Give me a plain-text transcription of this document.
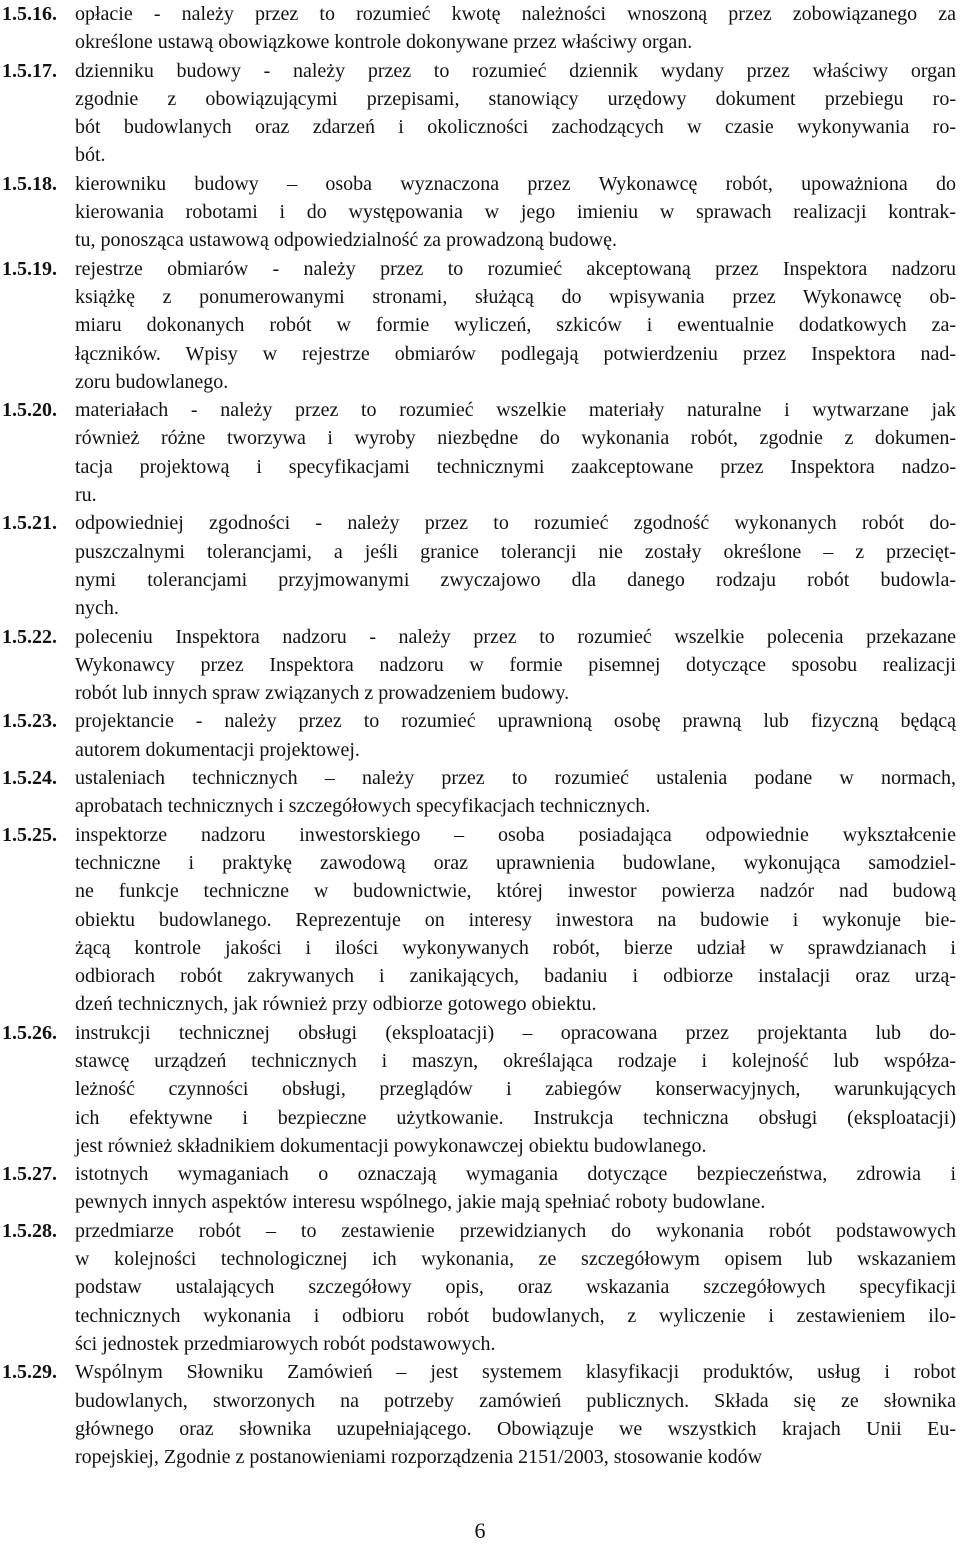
1.5.16. opłacie - należy przez to rozumieć kwotę należności wnoszoną przez zobowiązanego za
określone ustawą obowiązkowe kontrole dokonywane przez właściwy organ.
1.5.17. dzienniku budowy - należy przez to rozumieć dziennik wydany przez właściwy organ
zgodnie z obowiązującymi przepisami, stanowiący urzędowy dokument przebiegu ro-
bót budowlanych oraz zdarzeń i okoliczności zachodzących w czasie wykonywania ro-
bót.
1.5.18. kierowniku budowy – osoba wyznaczona przez Wykonawcę robót, upoważniona do
kierowania robotami i do występowania w jego imieniu w sprawach realizacji kontrak-
tu, ponosząca ustawową odpowiedzialność za prowadzoną budowę.
1.5.19. rejestrze obmiarów - należy przez to rozumieć akceptowaną przez Inspektora nadzoru
książkę z ponumerowanymi stronami, służącą do wpisywania przez Wykonawcę ob-
miaru dokonanych robót w formie wyliczeń, szkiców i ewentualnie dodatkowych za-
łączników. Wpisy w rejestrze obmiarów podlegają potwierdzeniu przez Inspektora nad-
zoru budowlanego.
1.5.20. materiałach - należy przez to rozumieć wszelkie materiały naturalne i wytwarzane jak
również różne tworzywa i wyroby niezbędne do wykonania robót, zgodnie z dokumen-
tacja projektową i specyfikacjami technicznymi zaakceptowane przez Inspektora nadzo-
ru.
1.5.21. odpowiedniej zgodności - należy przez to rozumieć zgodność wykonanych robót do-
puszczalnymi tolerancjami, a jeśli granice tolerancji nie zostały określone – z przecięt-
nymi tolerancjami przyjmowanymi zwyczajowo dla danego rodzaju robót budowla-
nych.
1.5.22. poleceniu Inspektora nadzoru - należy przez to rozumieć wszelkie polecenia przekazane
Wykonawcy przez Inspektora nadzoru w formie pisemnej dotyczące sposobu realizacji
robót lub innych spraw związanych z prowadzeniem budowy.
1.5.23. projektancie - należy przez to rozumieć uprawnioną osobę prawną lub fizyczną będącą
autorem dokumentacji projektowej.
1.5.24. ustaleniach technicznych – należy przez to rozumieć ustalenia podane w normach,
aprobatach technicznych i szczegółowych specyfikacjach technicznych.
1.5.25. inspektorze nadzoru inwestorskiego – osoba posiadająca odpowiednie wykształcenie
techniczne i praktykę zawodową oraz uprawnienia budowlane, wykonująca samodziel-
ne funkcje techniczne w budownictwie, której inwestor powierza nadzór nad budową
obiektu budowlanego. Reprezentuje on interesy inwestora na budowie i wykonuje bie-
żącą kontrole jakości i ilości wykonywanych robót, bierze udział w sprawdzianach i
odbiorach robót zakrywanych i zanikających, badaniu i odbiorze instalacji oraz urzą-
dzeń technicznych, jak również przy odbiorze gotowego obiektu.
1.5.26. instrukcji technicznej obsługi (eksploatacji) – opracowana przez projektanta lub do-
stawcę urządzeń technicznych i maszyn, określająca rodzaje i kolejność lub współza-
leżność czynności obsługi, przeglądów i zabiegów konserwacyjnych, warunkujących
ich efektywne i bezpieczne użytkowanie. Instrukcja techniczna obsługi (eksploatacji)
jest również składnikiem dokumentacji powykonawczej obiektu budowlanego.
1.5.27. istotnych wymaganiach o oznaczają wymagania dotyczące bezpieczeństwa, zdrowia i
pewnych innych aspektów interesu wspólnego, jakie mają spełniać roboty budowlane.
1.5.28. przedmiarze robót – to zestawienie przewidzianych do wykonania robót podstawowych
w kolejności technologicznej ich wykonania, ze szczegółowym opisem lub wskazaniem
podstaw ustalających szczegółowy opis, oraz wskazania szczegółowych specyfikacji
technicznych wykonania i odbioru robót budowlanych, z wyliczenie i zestawieniem ilo-
ści jednostek przedmiarowych robót podstawowych.
1.5.29. Wspólnym Słowniku Zamówień – jest systemem klasyfikacji produktów, usług i robot
budowlanych, stworzonych na potrzeby zamówień publicznych. Składa się ze słownika
głównego oraz słownika uzupełniającego. Obowiązuje we wszystkich krajach Unii Eu-
ropejskiej, Zgodnie z postanowieniami rozporządzenia 2151/2003, stosowanie kodów
6
